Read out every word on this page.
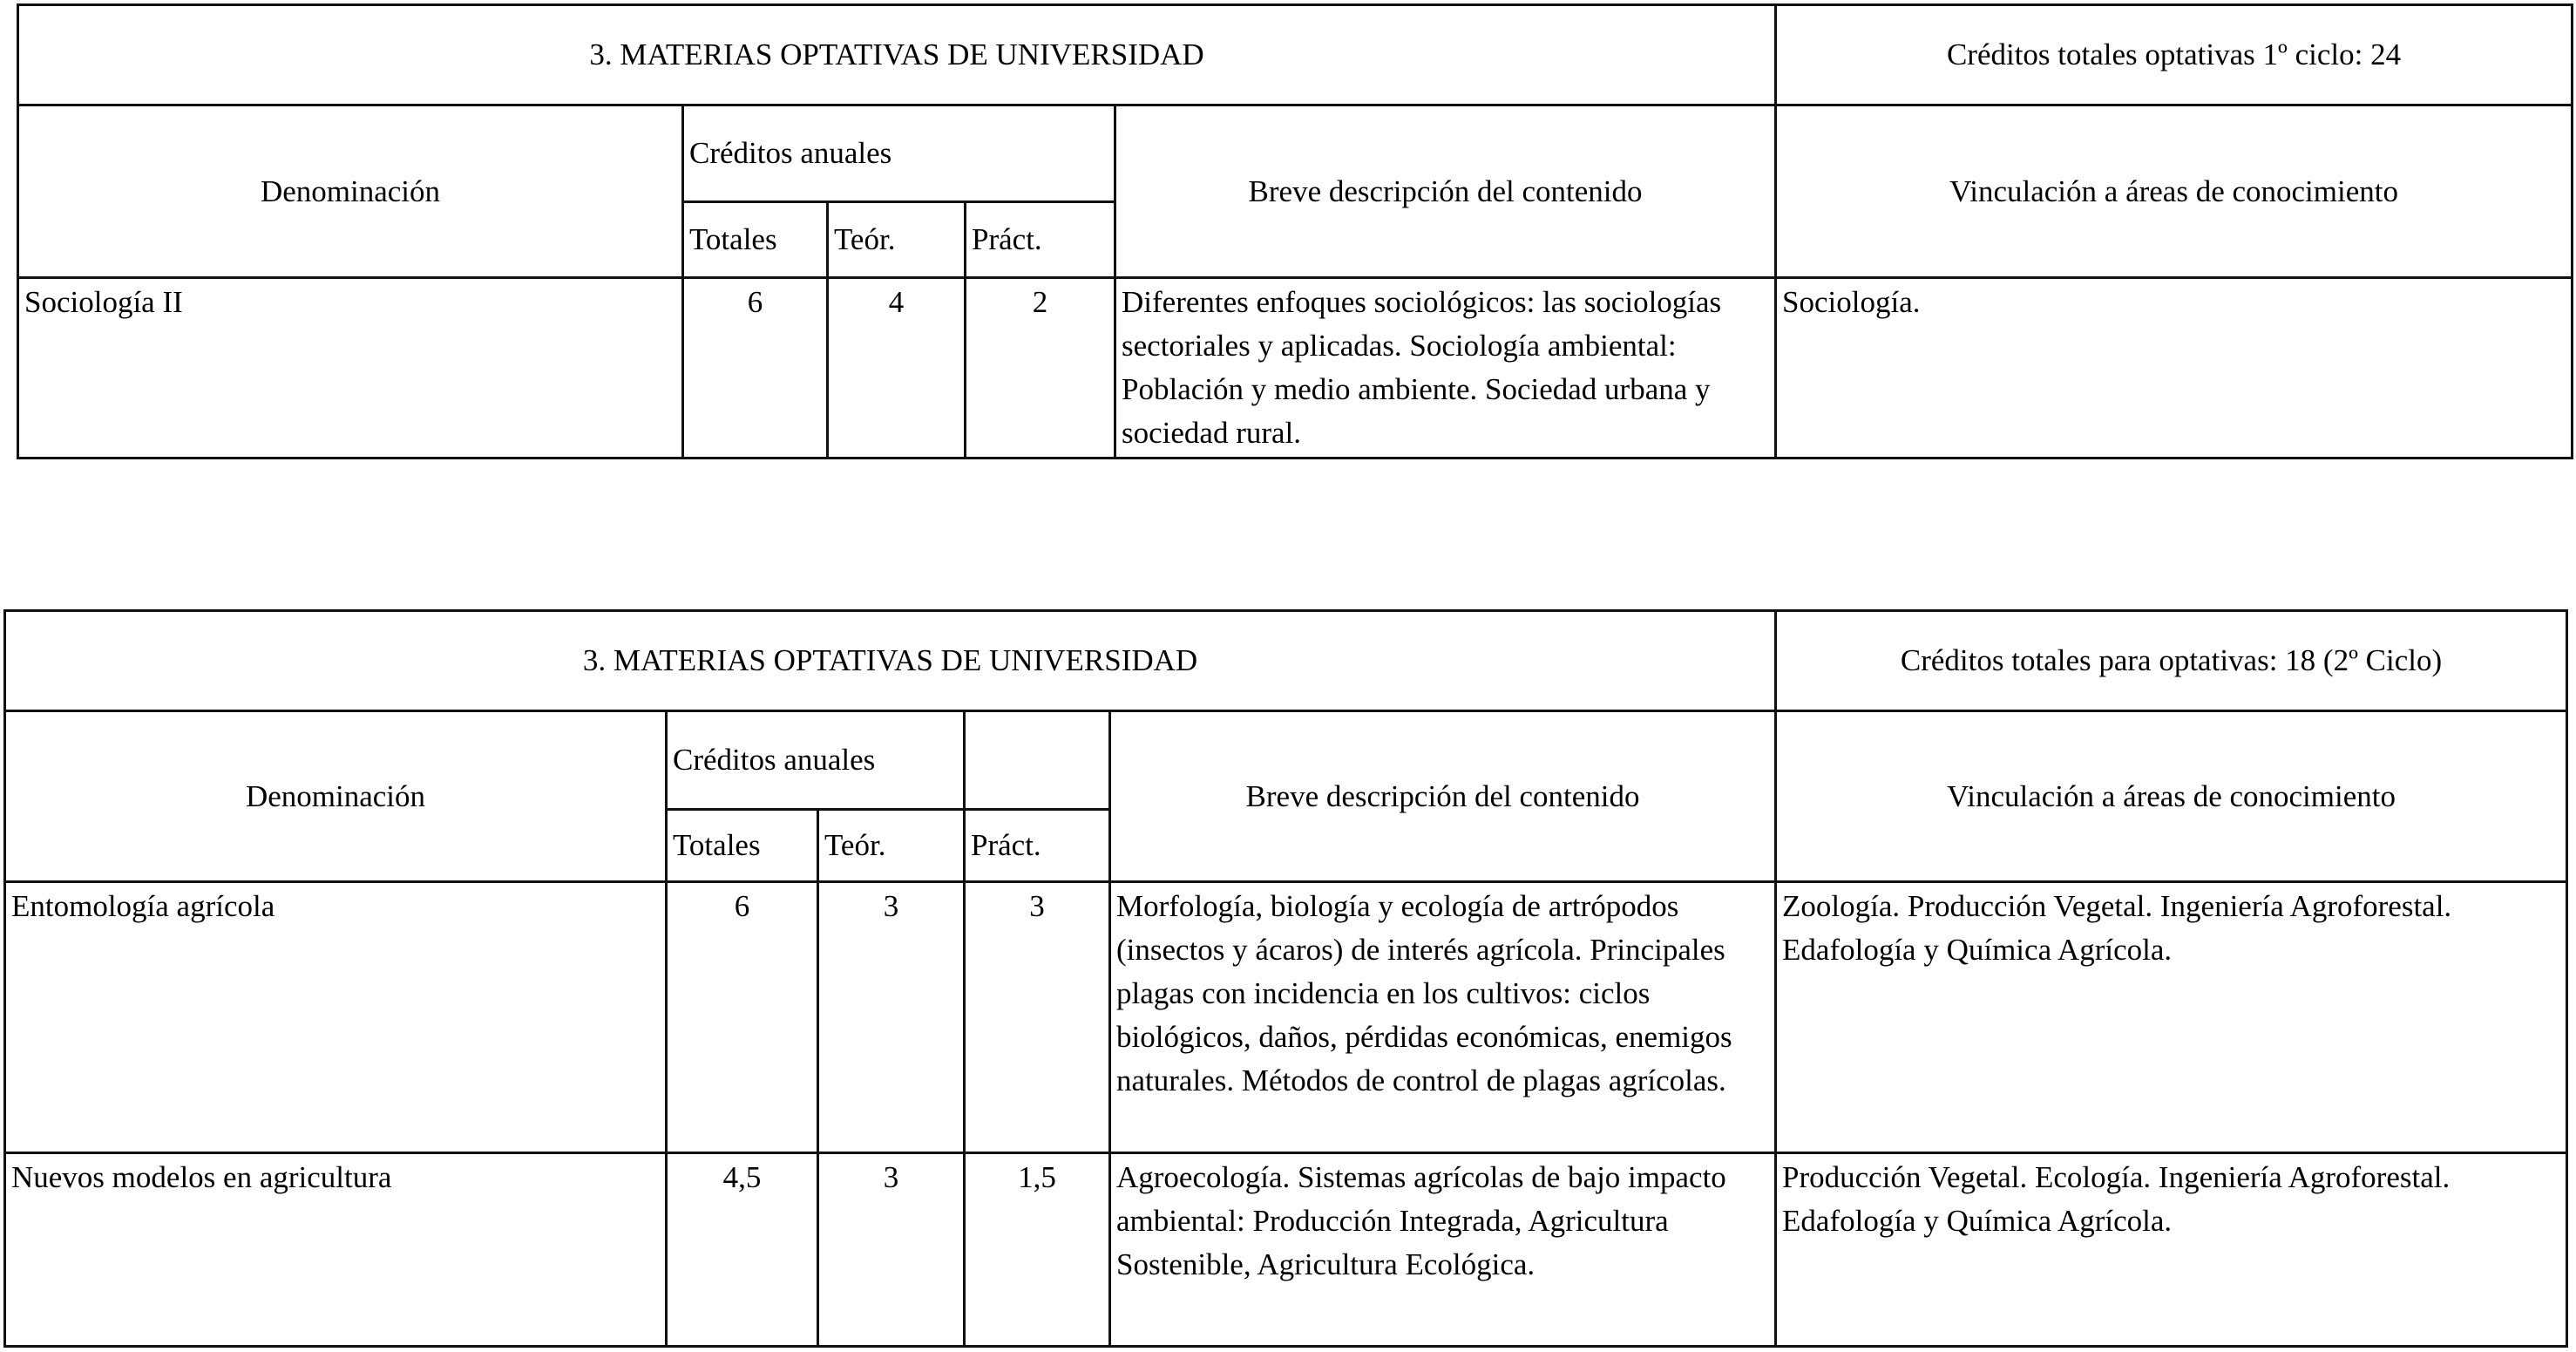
3. MATERIAS OPTATIVAS DE UNIVERSIDAD					Créditos totales optativas 1º ciclo: 24
Denominación	Créditos anuales			Breve descripción del contenido	Vinculación a áreas de conocimiento
	Totales	Teór.	Práct.		
Sociología II	6	4	2	Diferentes enfoques sociológicos: las sociologías sectoriales y aplicadas. Sociología ambiental: Población y medio ambiente. Sociedad urbana y sociedad rural.	Sociología.
3. MATERIAS OPTATIVAS DE UNIVERSIDAD					Créditos totales para optativas: 18 (2º Ciclo)
Denominación	Créditos anuales			Breve descripción del contenido	Vinculación a áreas de conocimiento
	Totales	Teór.	Práct.		
Entomología agrícola	6	3	3	Morfología, biología y ecología de artrópodos (insectos y ácaros) de interés agrícola. Principales plagas con incidencia en los cultivos: ciclos biológicos, daños, pérdidas económicas, enemigos naturales. Métodos de control de plagas agrícolas.	Zoología. Producción Vegetal. Ingeniería Agroforestal. Edafología y Química Agrícola.
Nuevos modelos en agricultura	4,5	3	1,5	Agroecología. Sistemas agrícolas de bajo impacto ambiental: Producción Integrada, Agricultura Sostenible, Agricultura Ecológica.	Producción Vegetal. Ecología. Ingeniería Agroforestal. Edafología y Química Agrícola.
